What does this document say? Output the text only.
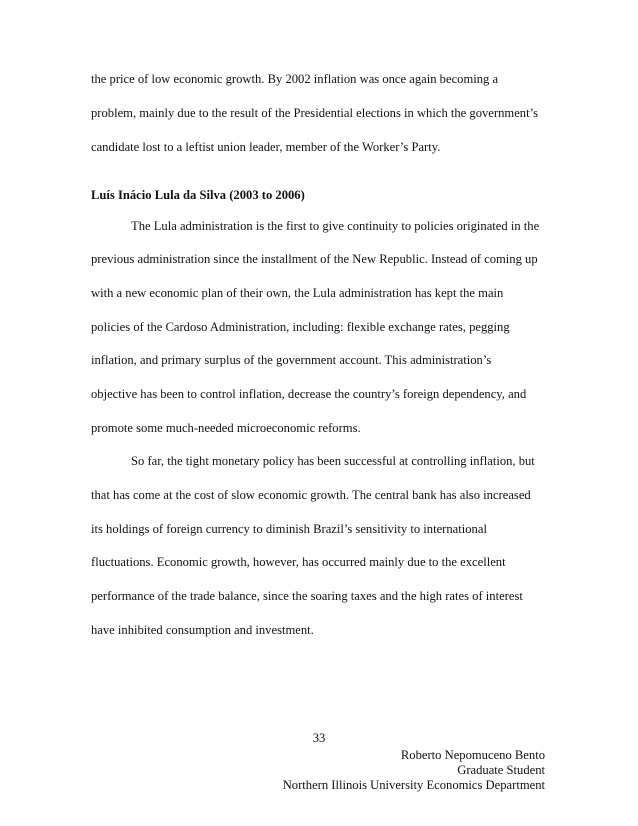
the price of low economic growth. By 2002 inflation was once again becoming a
problem, mainly due to the result of the Presidential elections in which the government’s
candidate lost to a leftist union leader, member of the Worker’s Party.
Luís Inácio Lula da Silva (2003 to 2006)
The Lula administration is the first to give continuity to policies originated in the
previous administration since the installment of the New Republic. Instead of coming up
with a new economic plan of their own, the Lula administration has kept the main
policies of the Cardoso Administration, including: flexible exchange rates, pegging
inflation, and primary surplus of the government account. This administration’s
objective has been to control inflation, decrease the country’s foreign dependency, and
promote some much-needed microeconomic reforms.
So far, the tight monetary policy has been successful at controlling inflation, but
that has come at the cost of slow economic growth. The central bank has also increased
its holdings of foreign currency to diminish Brazil’s sensitivity to international
fluctuations. Economic growth, however, has occurred mainly due to the excellent
performance of the trade balance, since the soaring taxes and the high rates of interest
have inhibited consumption and investment.
33
Roberto Nepomuceno Bento
Graduate Student
Northern Illinois University Economics Department
